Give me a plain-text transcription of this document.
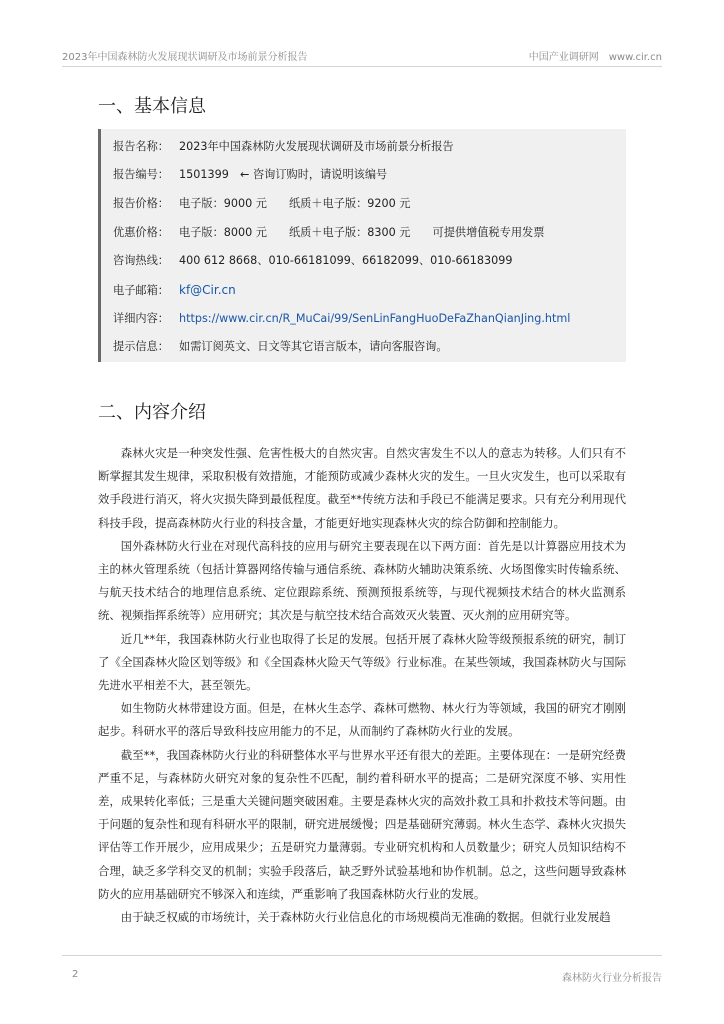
2023年中国森林防火发展现状调研及市场前景分析报告	中国产业调研网　www.cir.cn
一、基本信息
报告名称： 2023年中国森林防火发展现状调研及市场前景分析报告
报告编号： 1501399　← 咨询订购时，请说明该编号
报告价格： 电子版：9000 元 纸质＋电子版：9200 元
优惠价格： 电子版：8000 元 纸质＋电子版：8300 元 可提供增值税专用发票
咨询热线： 400 612 8668、010-66181099、66182099、010-66183099
电子邮箱： kf@Cir.cn
详细内容： https://www.cir.cn/R_MuCai/99/SenLinFangHuoDeFaZhanQianJing.html
提示信息： 如需订阅英文、日文等其它语言版本，请向客服咨询。
二、内容介绍

森林火灾是一种突发性强、危害性极大的自然灾害。自然灾害发生不以人的意志为转移。人们只有不断掌握其发生规律，采取积极有效措施，才能预防或减少森林火灾的发生。一旦火灾发生，也可以采取有效手段进行消灭，将火灾损失降到最低程度。截至**传统方法和手段已不能满足要求。只有充分利用现代科技手段，提高森林防火行业的科技含量，才能更好地实现森林火灾的综合防御和控制能力。

国外森林防火行业在对现代高科技的应用与研究主要表现在以下两方面：首先是以计算器应用技术为主的林火管理系统（包括计算器网络传输与通信系统、森林防火辅助决策系统、火场图像实时传输系统、与航天技术结合的地理信息系统、定位跟踪系统、预测预报系统等，与现代视频技术结合的林火监测系统、视频指挥系统等）应用研究；其次是与航空技术结合高效灭火装置、灭火剂的应用研究等。

近几**年，我国森林防火行业也取得了长足的发展。包括开展了森林火险等级预报系统的研究，制订了《全国森林火险区划等级》和《全国森林火险天气等级》行业标准。在某些领域，我国森林防火与国际先进水平相差不大，甚至领先。

如生物防火林带建设方面。但是，在林火生态学、森林可燃物、林火行为等领域，我国的研究才刚刚起步。科研水平的落后导致科技应用能力的不足，从而制约了森林防火行业的发展。

截至**，我国森林防火行业的科研整体水平与世界水平还有很大的差距。主要体现在：一是研究经费严重不足，与森林防火研究对象的复杂性不匹配，制约着科研水平的提高；二是研究深度不够、实用性差，成果转化率低；三是重大关键问题突破困难。主要是森林火灾的高效扑救工具和扑救技术等问题。由于问题的复杂性和现有科研水平的限制，研究进展缓慢；四是基础研究薄弱。林火生态学、森林火灾损失评估等工作开展少，应用成果少；五是研究力量薄弱。专业研究机构和人员数量少；研究人员知识结构不合理，缺乏多学科交叉的机制；实验手段落后，缺乏野外试验基地和协作机制。总之，这些问题导致森林防火的应用基础研究不够深入和连续，严重影响了我国森林防火行业的发展。

由于缺乏权威的市场统计，关于森林防火行业信息化的市场规模尚无准确的数据。但就行业发展趋

2	森林防火行业分析报告
